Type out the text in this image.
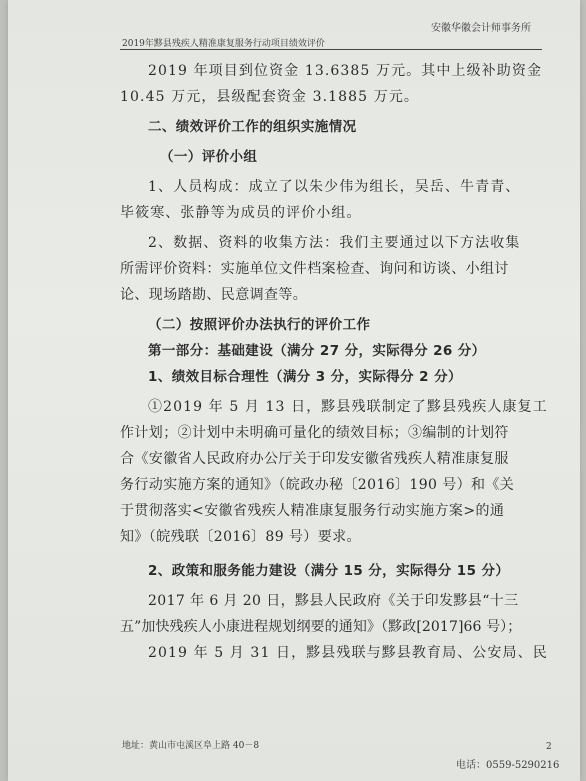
2019年黟县残疾人精准康复服务行动项目绩效评价
安徽华徽会计师事务所
2019 年项目到位资金 13.6385 万元。其中上级补助资金
10.45 万元，县级配套资金 3.1885 万元。
二、绩效评价工作的组织实施情况
（一）评价小组
1、人员构成：成立了以朱少伟为组长，吴岳、牛青青、
毕筱寒、张静等为成员的评价小组。
2、数据、资料的收集方法：我们主要通过以下方法收集
所需评价资料：实施单位文件档案检查、询问和访谈、小组讨
论、现场踏勘、民意调查等。
（二）按照评价办法执行的评价工作
第一部分：基础建设（满分 27 分，实际得分 26 分）
1、绩效目标合理性（满分 3 分，实际得分 2 分）
①2019 年 5 月 13 日，黟县残联制定了黟县残疾人康复工
作计划；②计划中未明确可量化的绩效目标；③编制的计划符
合《安徽省人民政府办公厅关于印发安徽省残疾人精准康复服
务行动实施方案的通知》（皖政办秘〔2016〕190 号）和《关
于贯彻落实<安徽省残疾人精准康复服务行动实施方案>的通
知》（皖残联〔2016〕89 号）要求。
2、政策和服务能力建设（满分 15 分，实际得分 15 分）
2017 年 6 月 20 日，黟县人民政府《关于印发黟县“十三
五”加快残疾人小康进程规划纲要的通知》（黟政[2017]66 号）；
2019 年 5 月 31 日，黟县残联与黟县教育局、公安局、民
地址：黄山市屯溪区阜上路 40－8	2
电话：0559-5290216
